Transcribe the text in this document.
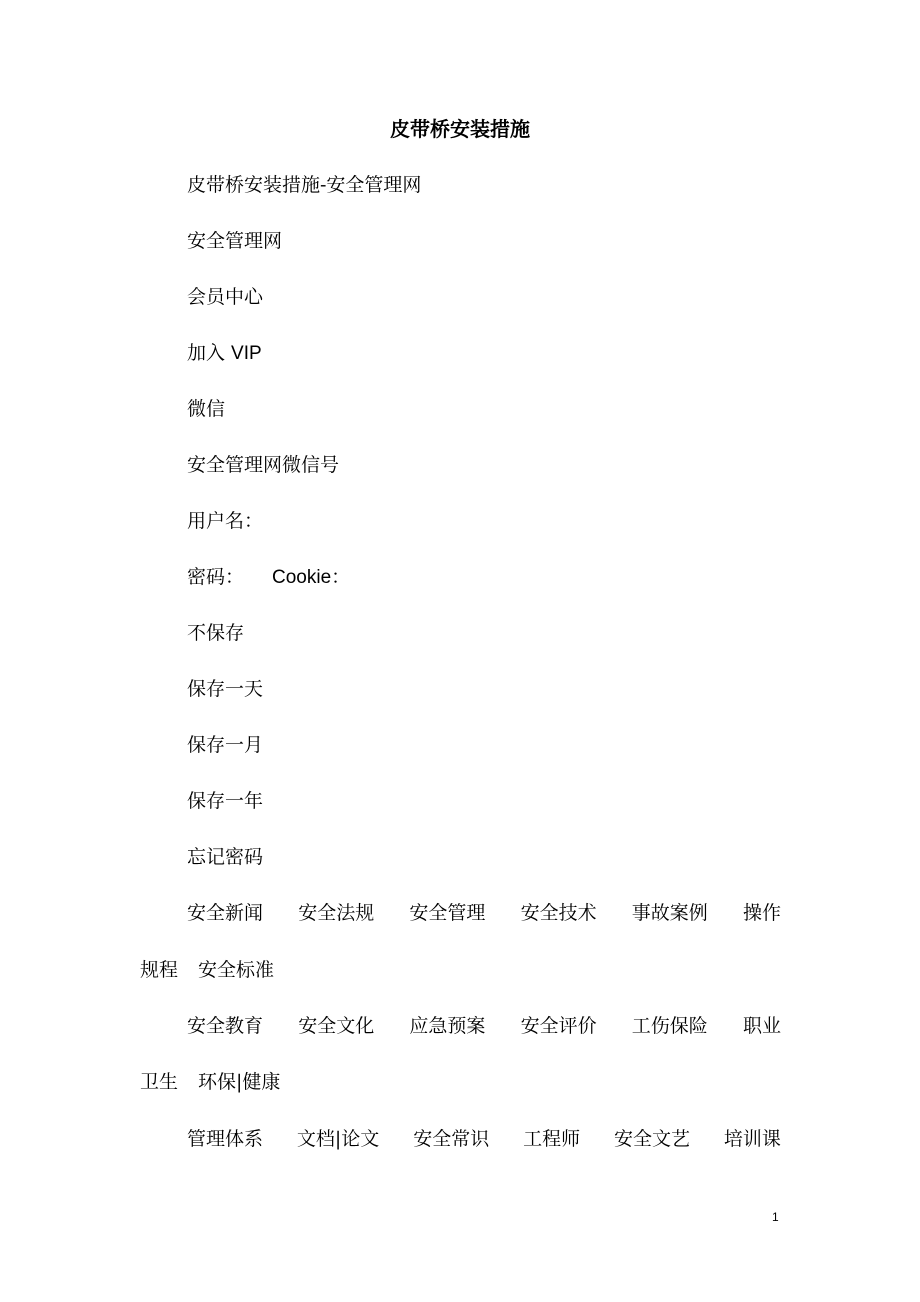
皮带桥安装措施
皮带桥安装措施-安全管理网
安全管理网
会员中心
加入 VIP
微信
安全管理网微信号
用户名：
密码： Cookie：
不保存
保存一天
保存一月
保存一年
忘记密码
安全新闻 安全法规 安全管理 安全技术 事故案例 操作
规程 安全标准
安全教育 安全文化 应急预案 安全评价 工伤保险 职业
卫生 环保|健康
管理体系 文档|论文 安全常识 工程师 安全文艺 培训课
1
